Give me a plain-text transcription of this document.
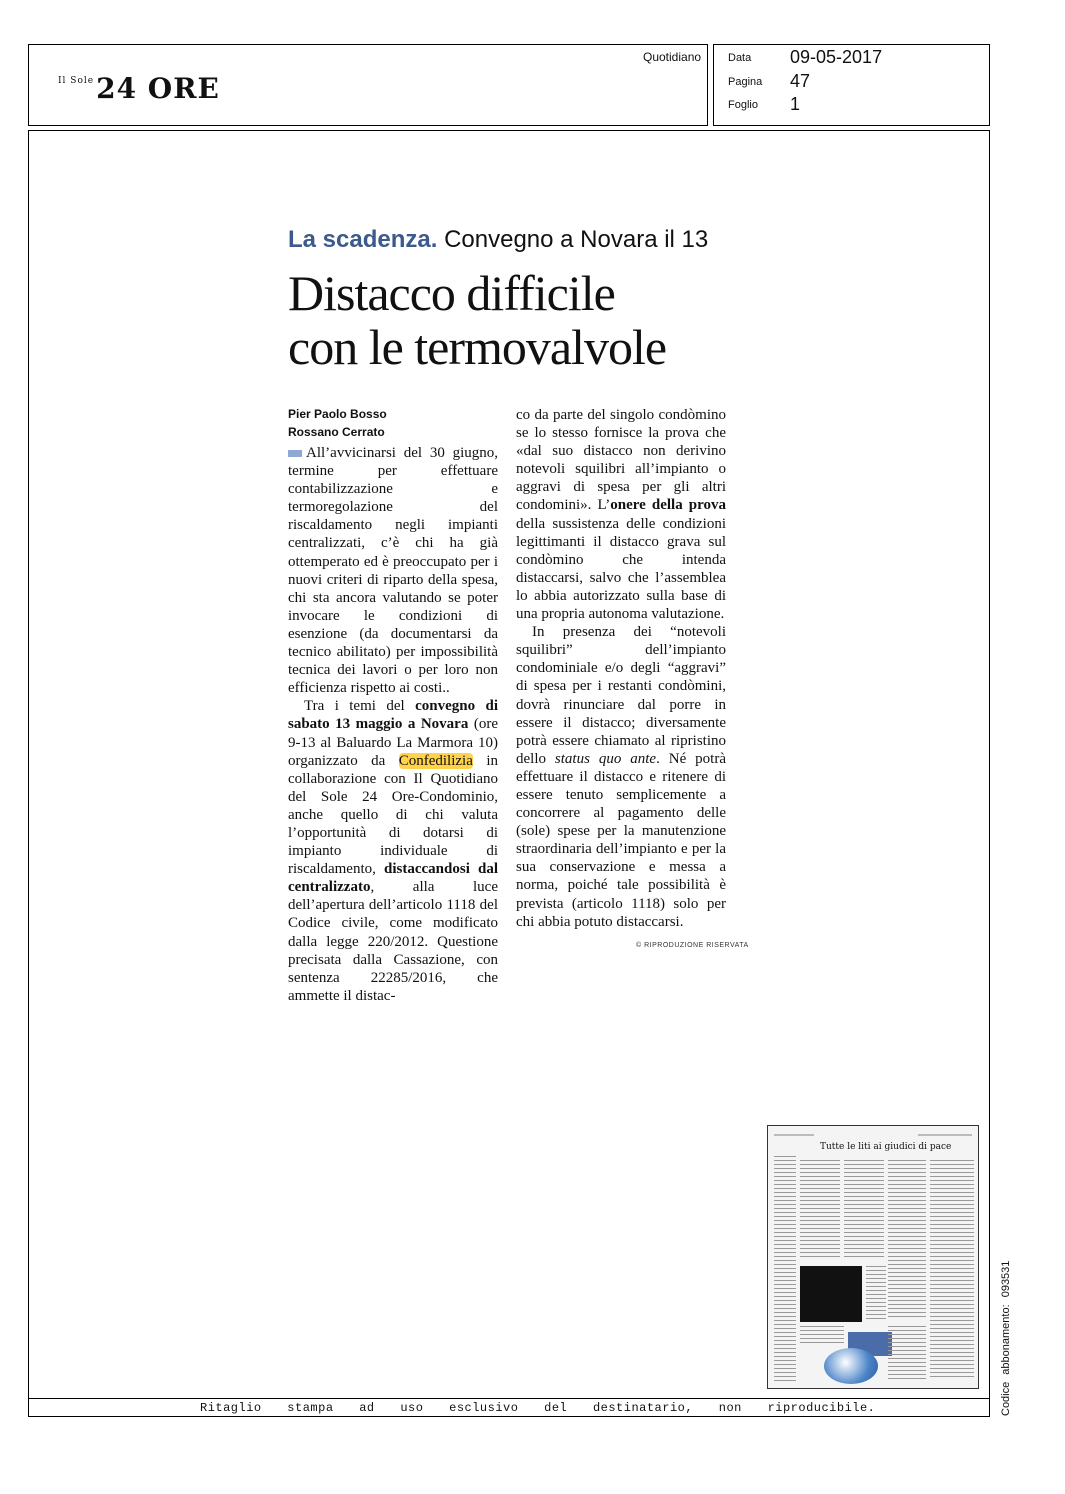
$^{Il Sole}$24 ORE
Quotidiano Data 09-05-2017
Pagina 47
Foglio 1
La scadenza. Convegno a Novara il 13
Distacco difficile
con le termovalvole
Pier Paolo Bosso
Rossano Cerrato

All’avvicinarsi del 30 giugno, termine per effettuare contabilizzazione e termoregolazione del riscaldamento negli impianti centralizzati, c’è chi ha già ottemperato ed è preoccupato per i nuovi criteri di riparto della spesa, chi sta ancora valutando se poter invocare le condizioni di esenzione (da documentarsi da tecnico abilitato) per impossibilità tecnica dei lavori o per loro non efficienza rispetto ai costi..

Tra i temi del convegno di sabato 13 maggio a Novara (ore 9-13 al Baluardo La Marmora 10) organizzato da Confedilizia in collaborazione con Il Quotidiano del Sole 24 Ore-Condominio, anche quello di chi valuta l’opportunità di dotarsi di impianto individuale di riscaldamento, distaccandosi dal centralizzato, alla luce dell’apertura dell’articolo 1118 del Codice civile, come modificato dalla legge 220/2012. Questione precisata dalla Cassazione, con sentenza 22285/2016, che ammette il distac-

co da parte del singolo condòmino se lo stesso fornisce la prova che «dal suo distacco non derivino notevoli squilibri all’impianto o aggravi di spesa per gli altri condomini». L’onere della prova della sussistenza delle condizioni legittimanti il distacco grava sul condòmino che intenda distaccarsi, salvo che l’assemblea lo abbia autorizzato sulla base di una propria autonoma valutazione.

In presenza dei “notevoli squilibri” dell’impianto condominiale e/o degli “aggravi” di spesa per i restanti condòmini, dovrà rinunciare dal porre in essere il distacco; diversamente potrà essere chiamato al ripristino dello status quo ante. Né potrà effettuare il distacco e ritenere di essere tenuto semplicemente a concorrere al pagamento delle (sole) spese per la manutenzione straordinaria dell’impianto e per la sua conservazione e messa a norma, poiché tale possibilità è prevista (articolo 1118) solo per chi abbia potuto distaccarsi.

© RIPRODUZIONE RISERVATA
Tutte le liti ai giudici di pace
Ritaglio stampa ad uso esclusivo del destinatario, non riproducibile.	Codice abbonamento: 093531
